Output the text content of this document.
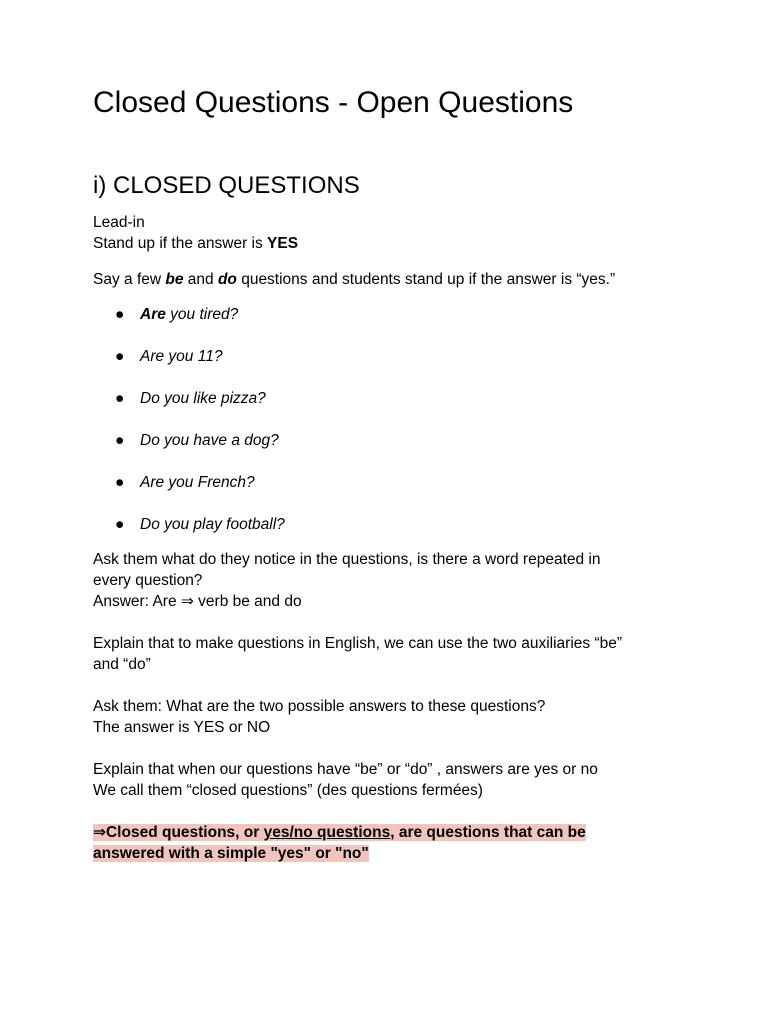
Closed Questions - Open Questions
i) CLOSED QUESTIONS

Lead-in

Stand up if the answer is YES

Say a few be and do questions and students stand up if the answer is “yes.”

● Are you tired?
● Are you 11?
● Do you like pizza?
● Do you have a dog?
● Are you French?
● Do you play football?

Ask them what do they notice in the questions, is there a word repeated in

every question?

Answer: Are ⇒ verb be and do

Explain that to make questions in English, we can use the two auxiliaries “be”

and “do”

Ask them: What are the two possible answers to these questions?

The answer is YES or NO

Explain that when our questions have “be” or “do” , answers are yes or no

We call them “closed questions” (des questions fermées)

⇒Closed questions, or yes/no questions, are questions that can be

answered with a simple "yes" or "no"
